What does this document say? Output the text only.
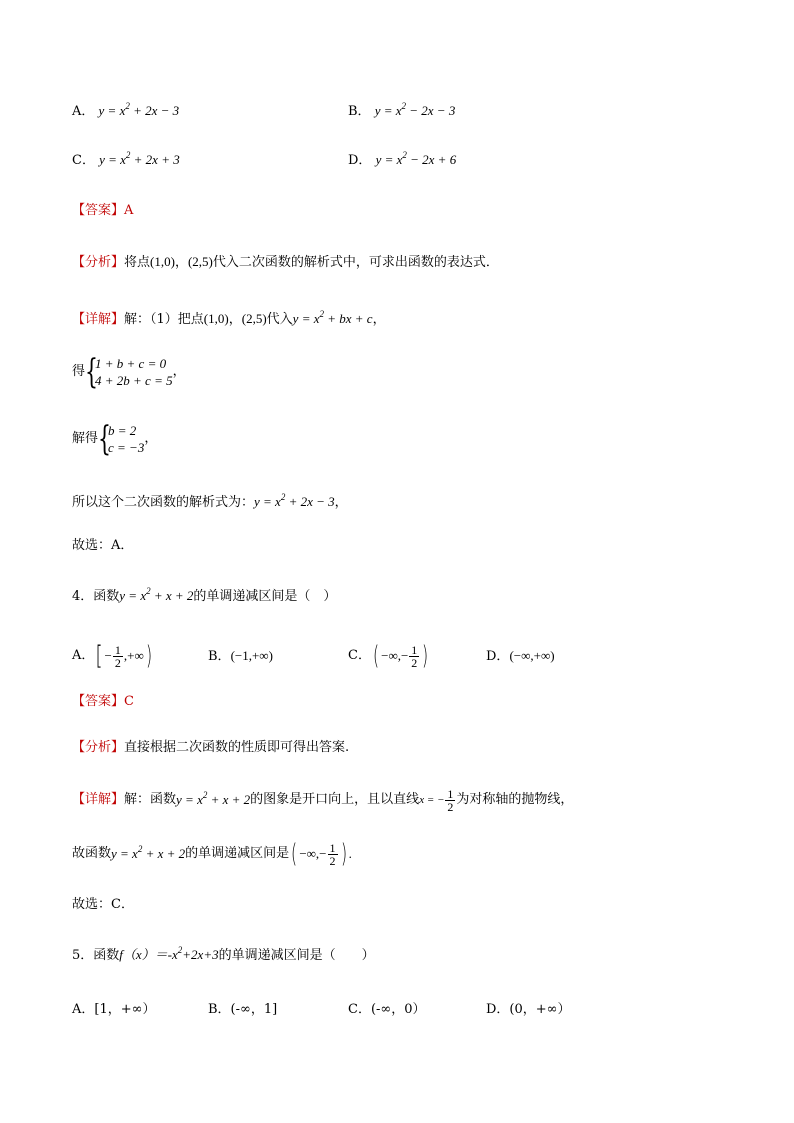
A． $y = x^2 + 2x - 3$	B． $y = x^2 - 2x - 3$
C． $y = x^2 + 2x + 3$	D． $y = x^2 - 2x + 6$
【答案】A
【分析】将点(1,0)，(2,5)代入二次函数的解析式中，可求出函数的表达式．
【详解】解：（1）把点(1,0)，(2,5)代入$y = x^2$ + bx + c，
得 {
1 + b + c = 0
4 + 2b + c = 5
，
解得 {
b = 2
c = −3
，
所以这个二次函数的解析式为：$y = x^2 + 2x - 3$，
故选：A．
4．函数$y = x^2 + x + 2$的单调递减区间是（　）
A．[ − $\frac{1}{2}$ ,+∞)	B．(−1,+∞)	C．( −∞,− $\frac{1}{2}$ )	D．(−∞,+∞)
【答案】C
【分析】直接根据二次函数的性质即可得出答案.
【详解】解：函数$y = x^2 + x + 2$的图象是开口向上，且以直线x = − $\frac{1}{2}$ 为对称轴的抛物线，
故函数$y = x^2 + x + 2$的单调递减区间是( −∞,− $\frac{1}{2}$ ) .
故选：C．
5．函数$f(x)=-x^2+2x+3$的单调递减区间是（　　）
A．[1，+∞）	B．(-∞，1]	C．(-∞，0）	D．(0，+∞）
